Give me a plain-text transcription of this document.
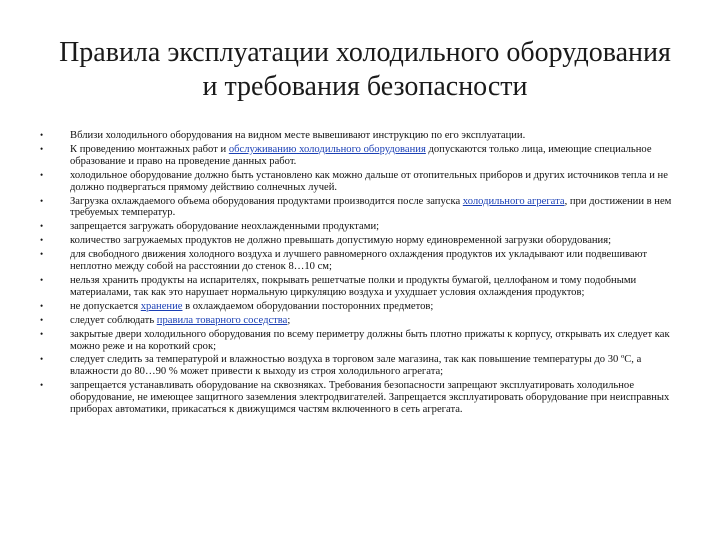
Правила эксплуатации холодильного оборудования
и требования безопасности
•	Вблизи холодильного оборудования на видном месте вывешивают инструкцию по его эксплуатации.
•	К проведению монтажных работ и обслуживанию холодильного оборудования допускаются только лица, имеющие специальное образование и право на проведение данных работ.
•	холодильное оборудование должно быть установлено как можно дальше от отопительных приборов и других источников тепла и не должно подвергаться прямому действию солнечных лучей.
•	Загрузка охлаждаемого объема оборудования продуктами производится после запуска холодильного агрегата, при достижении в нем требуемых температур.
•	запрещается загружать оборудование неохлажденными продуктами;
•	количество загружаемых продуктов не должно превышать допустимую норму единовременной загрузки оборудования;
•	для свободного движения холодного воздуха и лучшего равномерного охлаждения продуктов их укладывают или подвешивают неплотно между собой на расстоянии до стенок 8…10 см;
•	нельзя хранить продукты на испарителях, покрывать решетчатые полки и продукты бумагой, целлофаном и тому подобными материалами, так как это нарушает нормальную циркуляцию воздуха и ухудшает условия охлаждения продуктов;
•	не допускается хранение в охлаждаемом оборудовании посторонних предметов;
•	следует соблюдать правила товарного соседства;
•	закрытые двери холодильного оборудования по всему периметру должны быть плотно прижаты к корпусу, открывать их следует как можно реже и на короткий срок;
•	следует следить за температурой и влажностью воздуха в торговом зале магазина, так как повышение температуры до 30 ºС, а влажности до 80…90 % может привести к выходу из строя холодильного агрегата;
•	запрещается устанавливать оборудование на сквозняках. Требования безопасности запрещают эксплуатировать холодильное оборудование, не имеющее защитного заземления электродвигателей. Запрещается эксплуатировать оборудование при неисправных приборах автоматики, прикасаться к движущимся частям включенного в сеть агрегата.
